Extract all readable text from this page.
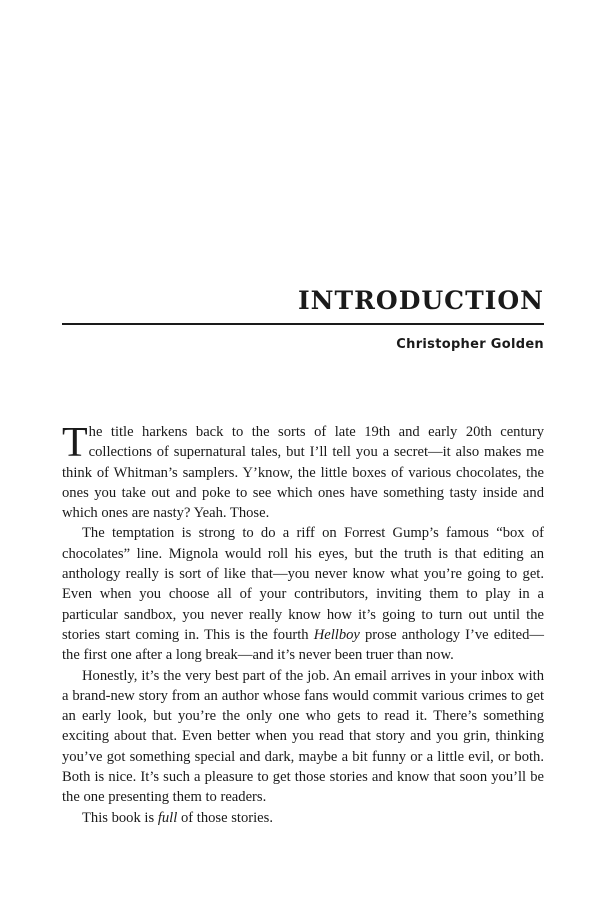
INTRODUCTION
Christopher Golden

The title harkens back to the sorts of late 19th and early 20th century collections of supernatural tales, but I’ll tell you a secret—it also makes me think of Whitman’s samplers. Y’know, the little boxes of various chocolates, the ones you take out and poke to see which ones have something tasty inside and which ones are nasty? Yeah. Those.

The temptation is strong to do a riff on Forrest Gump’s famous “box of chocolates” line. Mignola would roll his eyes, but the truth is that editing an anthology really is sort of like that—you never know what you’re going to get. Even when you choose all of your contributors, inviting them to play in a particular sandbox, you never really know how it’s going to turn out until the stories start coming in. This is the fourth Hellboy prose anthology I’ve edited—the first one after a long break—and it’s never been truer than now.

Honestly, it’s the very best part of the job. An email arrives in your inbox with a brand-new story from an author whose fans would commit various crimes to get an early look, but you’re the only one who gets to read it. There’s something exciting about that. Even better when you read that story and you grin, thinking you’ve got something special and dark, maybe a bit funny or a little evil, or both. Both is nice. It’s such a pleasure to get those stories and know that soon you’ll be the one presenting them to readers.

This book is full of those stories.
